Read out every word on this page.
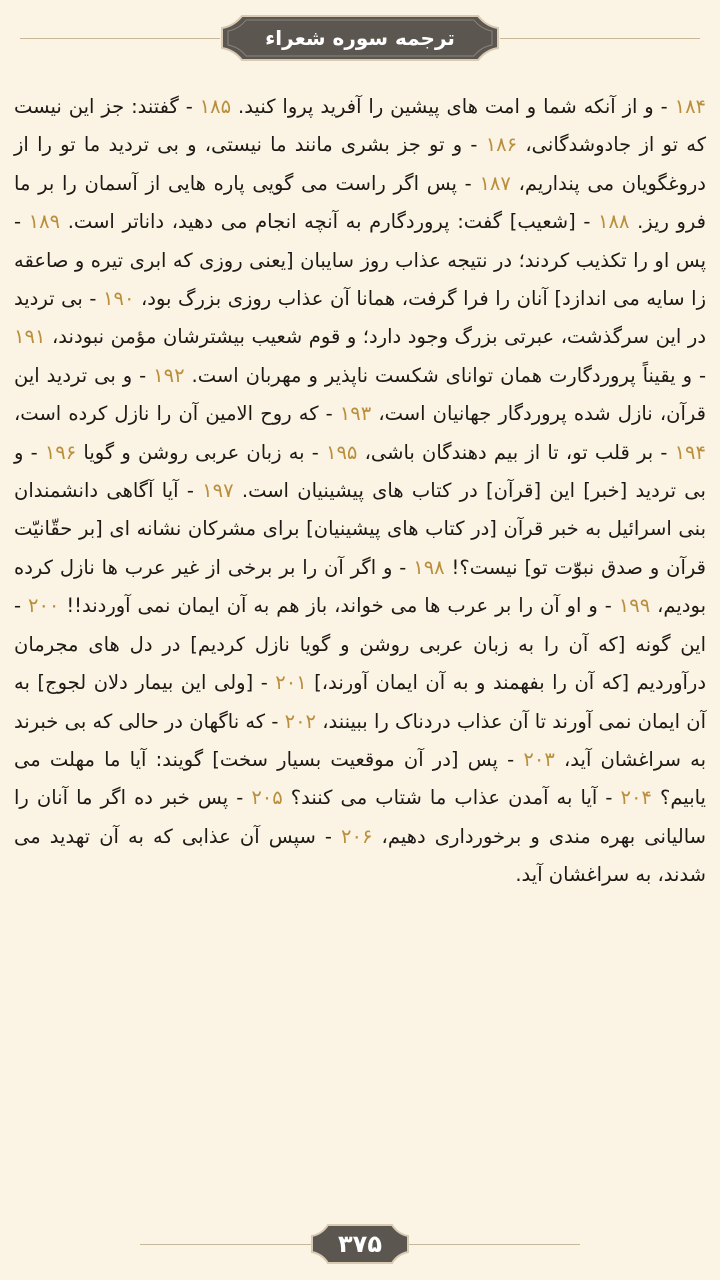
ترجمه سوره شعراء
۱۸۴ - و از آنکه شما و امت های پیشین را آفرید پروا کنید. ۱۸۵ - گفتند: جز این نیست که تو از جادوشدگانی، ۱۸۶ - و تو جز بشری مانند ما نیستی، و بی تردید ما تو را از دروغگویان می پنداریم، ۱۸۷ - پس اگر راست می گویی پاره هایی از آسمان را بر ما فرو ریز. ۱۸۸ - [شعیب] گفت: پروردگارم به آنچه انجام می دهید، داناتر است. ۱۸۹ - پس او را تکذیب کردند؛ در نتیجه عذاب روز سایبان [یعنی روزی که ابری تیره و صاعقه زا سایه می اندازد] آنان را فرا گرفت، همانا آن عذاب روزی بزرگ بود، ۱۹۰ - بی تردید در این سرگذشت، عبرتی بزرگ وجود دارد؛ و قوم شعیب بیشترشان مؤمن نبودند، ۱۹۱ - و یقیناً پروردگارت همان توانای شکست ناپذیر و مهربان است. ۱۹۲ - و بی تردید این قرآن، نازل شده پروردگار جهانیان است، ۱۹۳ - که روح الامین آن را نازل کرده است، ۱۹۴ - بر قلب تو، تا از بیم دهندگان باشی، ۱۹۵ - به زبان عربی روشن و گویا ۱۹۶ - و بی تردید [خبر] این [قرآن] در کتاب های پیشینیان است. ۱۹۷ - آیا آگاهی دانشمندان بنی اسرائیل به خبر قرآن [در کتاب های پیشینیان] برای مشرکان نشانه ای [بر حقّانیّت قرآن و صدق نبوّت تو] نیست؟! ۱۹۸ - و اگر آن را بر برخی از غیر عرب ها نازل کرده بودیم، ۱۹۹ - و او آن را بر عرب ها می خواند، باز هم به آن ایمان نمی آوردند!! ۲۰۰ - این گونه [که آن را به زبان عربی روشن و گویا نازل کردیم] در دل های مجرمان درآوردیم [که آن را بفهمند و به آن ایمان آورند،] ۲۰۱ - [ولی این بیمار دلان لجوج] به آن ایمان نمی آورند تا آن عذاب دردناک را ببینند، ۲۰۲ - که ناگهان در حالی که بی خبرند به سراغشان آید، ۲۰۳ - پس [در آن موقعیت بسیار سخت] گویند: آیا ما مهلت می یابیم؟ ۲۰۴ - آیا به آمدن عذاب ما شتاب می کنند؟ ۲۰۵ - پس خبر ده اگر ما آنان را سالیانی بهره مندی و برخورداری دهیم، ۲۰۶ - سپس آن عذابی که به آن تهدید می شدند، به سراغشان آید.
۳۷۵
